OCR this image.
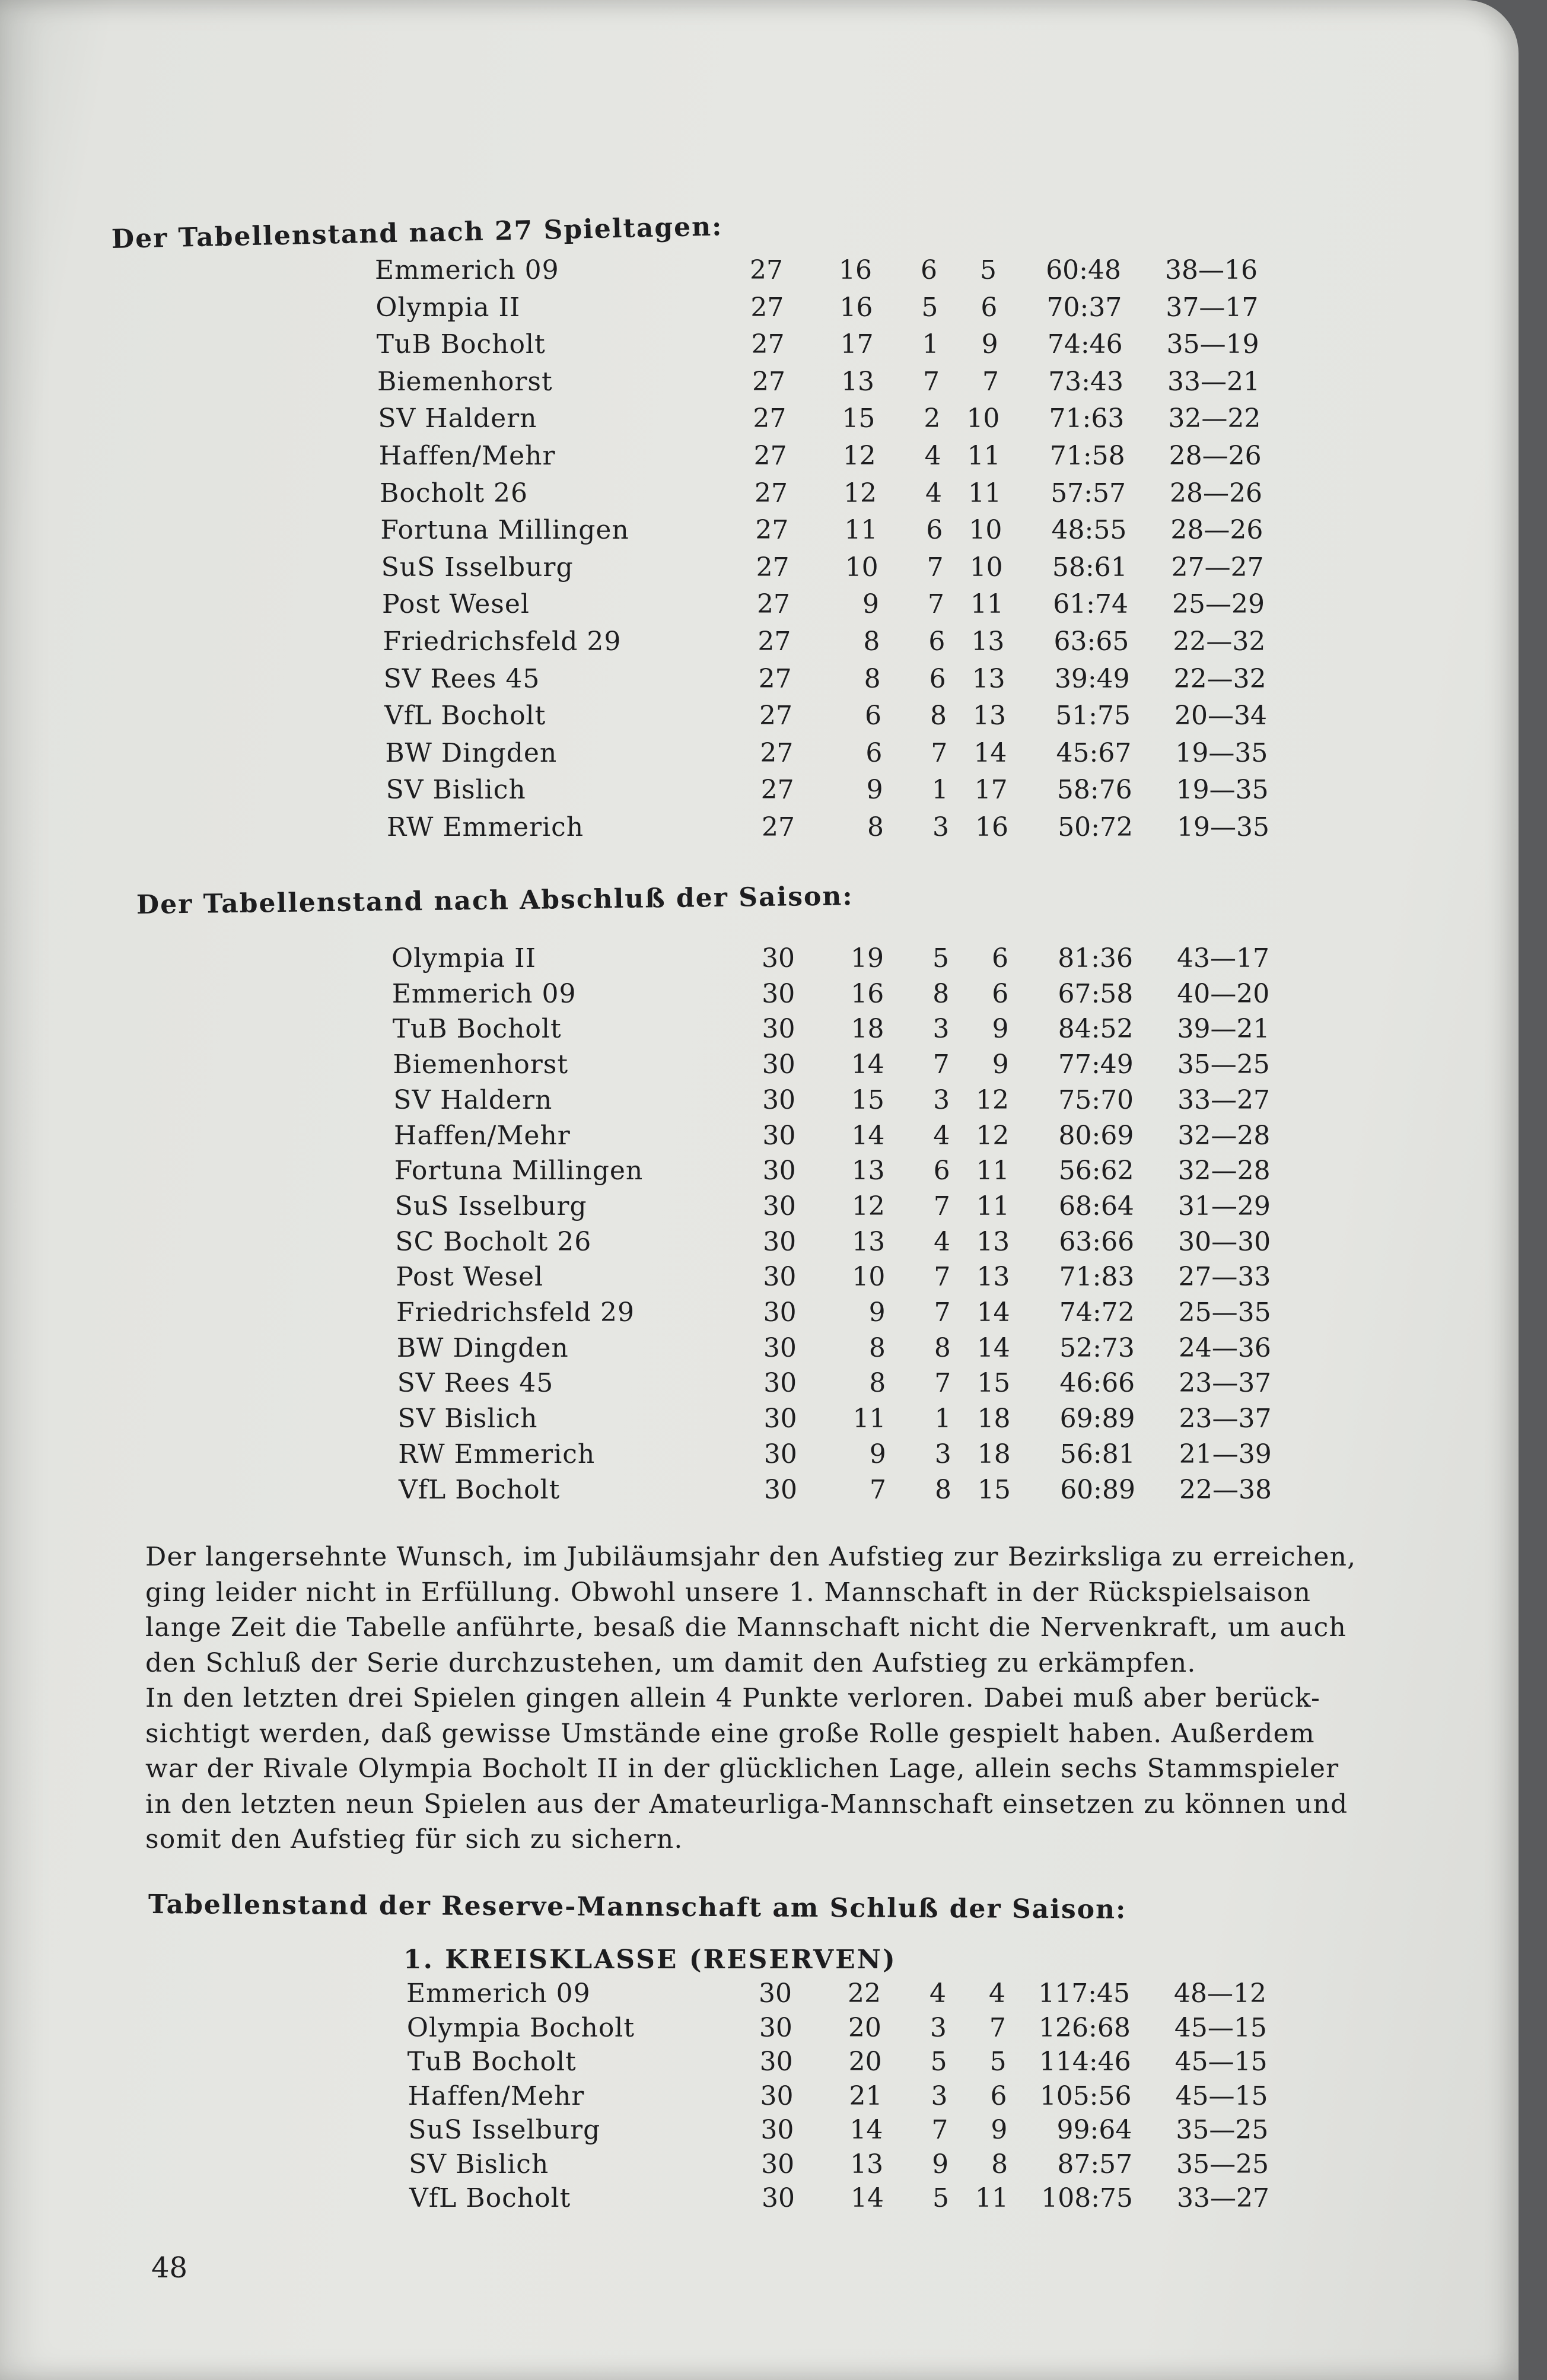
Der Tabellenstand nach 27 Spieltagen:
Emmerich 09	27	16	6	5	60:48	38—16
Olympia II	27	16	5	6	70:37	37—17
TuB Bocholt	27	17	1	9	74:46	35—19
Biemenhorst	27	13	7	7	73:43	33—21
SV Haldern	27	15	2	10	71:63	32—22
Haffen/Mehr	27	12	4	11	71:58	28—26
Bocholt 26	27	12	4	11	57:57	28—26
Fortuna Millingen	27	11	6	10	48:55	28—26
SuS Isselburg	27	10	7	10	58:61	27—27
Post Wesel	27	9	7	11	61:74	25—29
Friedrichsfeld 29	27	8	6	13	63:65	22—32
SV Rees 45	27	8	6	13	39:49	22—32
VfL Bocholt	27	6	8	13	51:75	20—34
BW Dingden	27	6	7	14	45:67	19—35
SV Bislich	27	9	1	17	58:76	19—35
RW Emmerich	27	8	3	16	50:72	19—35
Der Tabellenstand nach Abschluß der Saison:
Olympia II	30	19	5	6	81:36	43—17
Emmerich 09	30	16	8	6	67:58	40—20
TuB Bocholt	30	18	3	9	84:52	39—21
Biemenhorst	30	14	7	9	77:49	35—25
SV Haldern	30	15	3	12	75:70	33—27
Haffen/Mehr	30	14	4	12	80:69	32—28
Fortuna Millingen	30	13	6	11	56:62	32—28
SuS Isselburg	30	12	7	11	68:64	31—29
SC Bocholt 26	30	13	4	13	63:66	30—30
Post Wesel	30	10	7	13	71:83	27—33
Friedrichsfeld 29	30	9	7	14	74:72	25—35
BW Dingden	30	8	8	14	52:73	24—36
SV Rees 45	30	8	7	15	46:66	23—37
SV Bislich	30	11	1	18	69:89	23—37
RW Emmerich	30	9	3	18	56:81	21—39
VfL Bocholt	30	7	8	15	60:89	22—38

Der langersehnte Wunsch, im Jubiläumsjahr den Aufstieg zur Bezirksliga zu erreichen,

ging leider nicht in Erfüllung. Obwohl unsere 1. Mannschaft in der Rückspielsaison

lange Zeit die Tabelle anführte, besaß die Mannschaft nicht die Nervenkraft, um auch

den Schluß der Serie durchzustehen, um damit den Aufstieg zu erkämpfen.

In den letzten drei Spielen gingen allein 4 Punkte verloren. Dabei muß aber berück-

sichtigt werden, daß gewisse Umstände eine große Rolle gespielt haben. Außerdem

war der Rivale Olympia Bocholt II in der glücklichen Lage, allein sechs Stammspieler

in den letzten neun Spielen aus der Amateurliga-Mannschaft einsetzen zu können und

somit den Aufstieg für sich zu sichern.

Tabellenstand der Reserve-Mannschaft am Schluß der Saison:
1. KREISKLASSE (RESERVEN)
Emmerich 09	30	22	4	4	117:45	48—12
Olympia Bocholt	30	20	3	7	126:68	45—15
TuB Bocholt	30	20	5	5	114:46	45—15
Haffen/Mehr	30	21	3	6	105:56	45—15
SuS Isselburg	30	14	7	9	99:64	35—25
SV Bislich	30	13	9	8	87:57	35—25
VfL Bocholt	30	14	5	11	108:75	33—27
48
